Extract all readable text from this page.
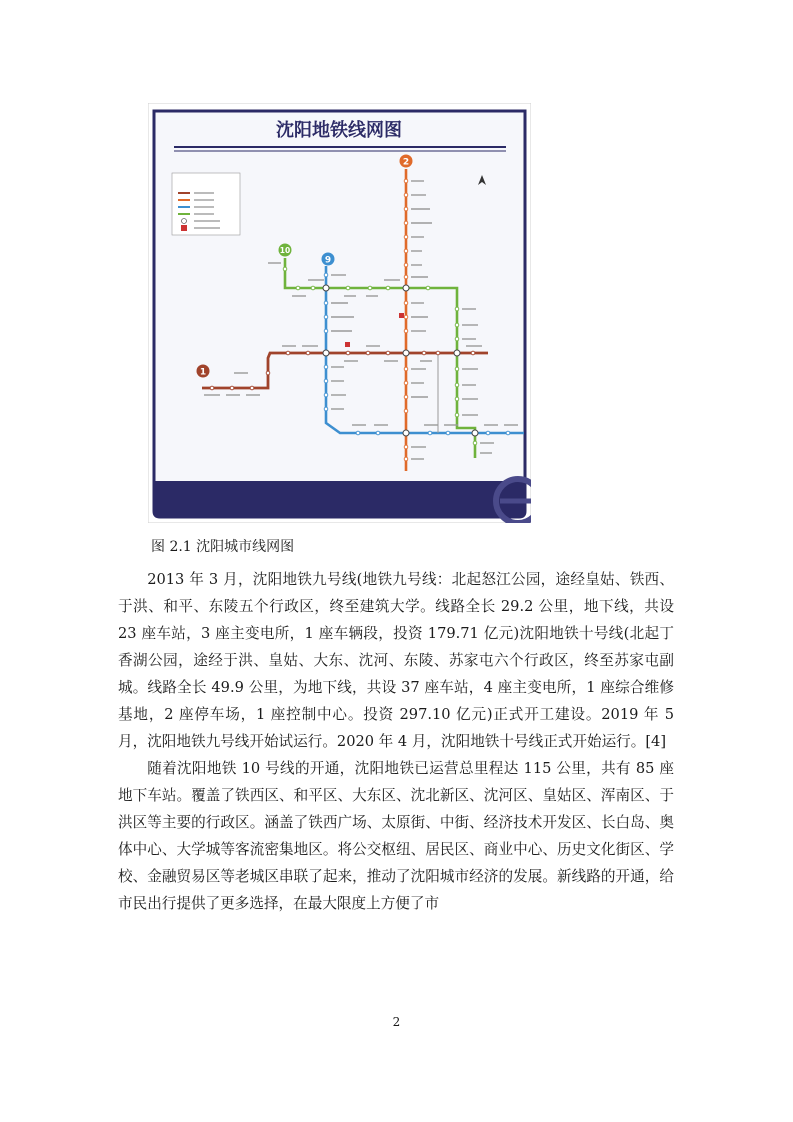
沈阳地铁线网图
2
10
9
1
图 2.1 沈阳城市线网图

2013 年 3 月，沈阳地铁九号线(地铁九号线：北起怒江公园，途经皇姑、铁西、于洪、和平、东陵五个行政区，终至建筑大学。线路全长 29.2 公里，地下线，共设 23 座车站，3 座主变电所，1 座车辆段，投资 179.71 亿元)沈阳地铁十号线(北起丁香湖公园，途经于洪、皇姑、大东、沈河、东陵、苏家屯六个行政区，终至苏家屯副城。线路全长 49.9 公里，为地下线，共设 37 座车站，4 座主变电所，1 座综合维修基地，2 座停车场，1 座控制中心。投资 297.10 亿元)正式开工建设。2019 年 5 月，沈阳地铁九号线开始试运行。2020 年 4 月，沈阳地铁十号线正式开始运行。[4]

随着沈阳地铁 10 号线的开通，沈阳地铁已运营总里程达 115 公里，共有 85 座地下车站。覆盖了铁西区、和平区、大东区、沈北新区、沈河区、皇姑区、浑南区、于洪区等主要的行政区。涵盖了铁西广场、太原街、中街、经济技术开发区、长白岛、奥体中心、大学城等客流密集地区。将公交枢纽、居民区、商业中心、历史文化街区、学校、金融贸易区等老城区串联了起来，推动了沈阳城市经济的发展。新线路的开通，给市民出行提供了更多选择，在最大限度上方便了市

2
